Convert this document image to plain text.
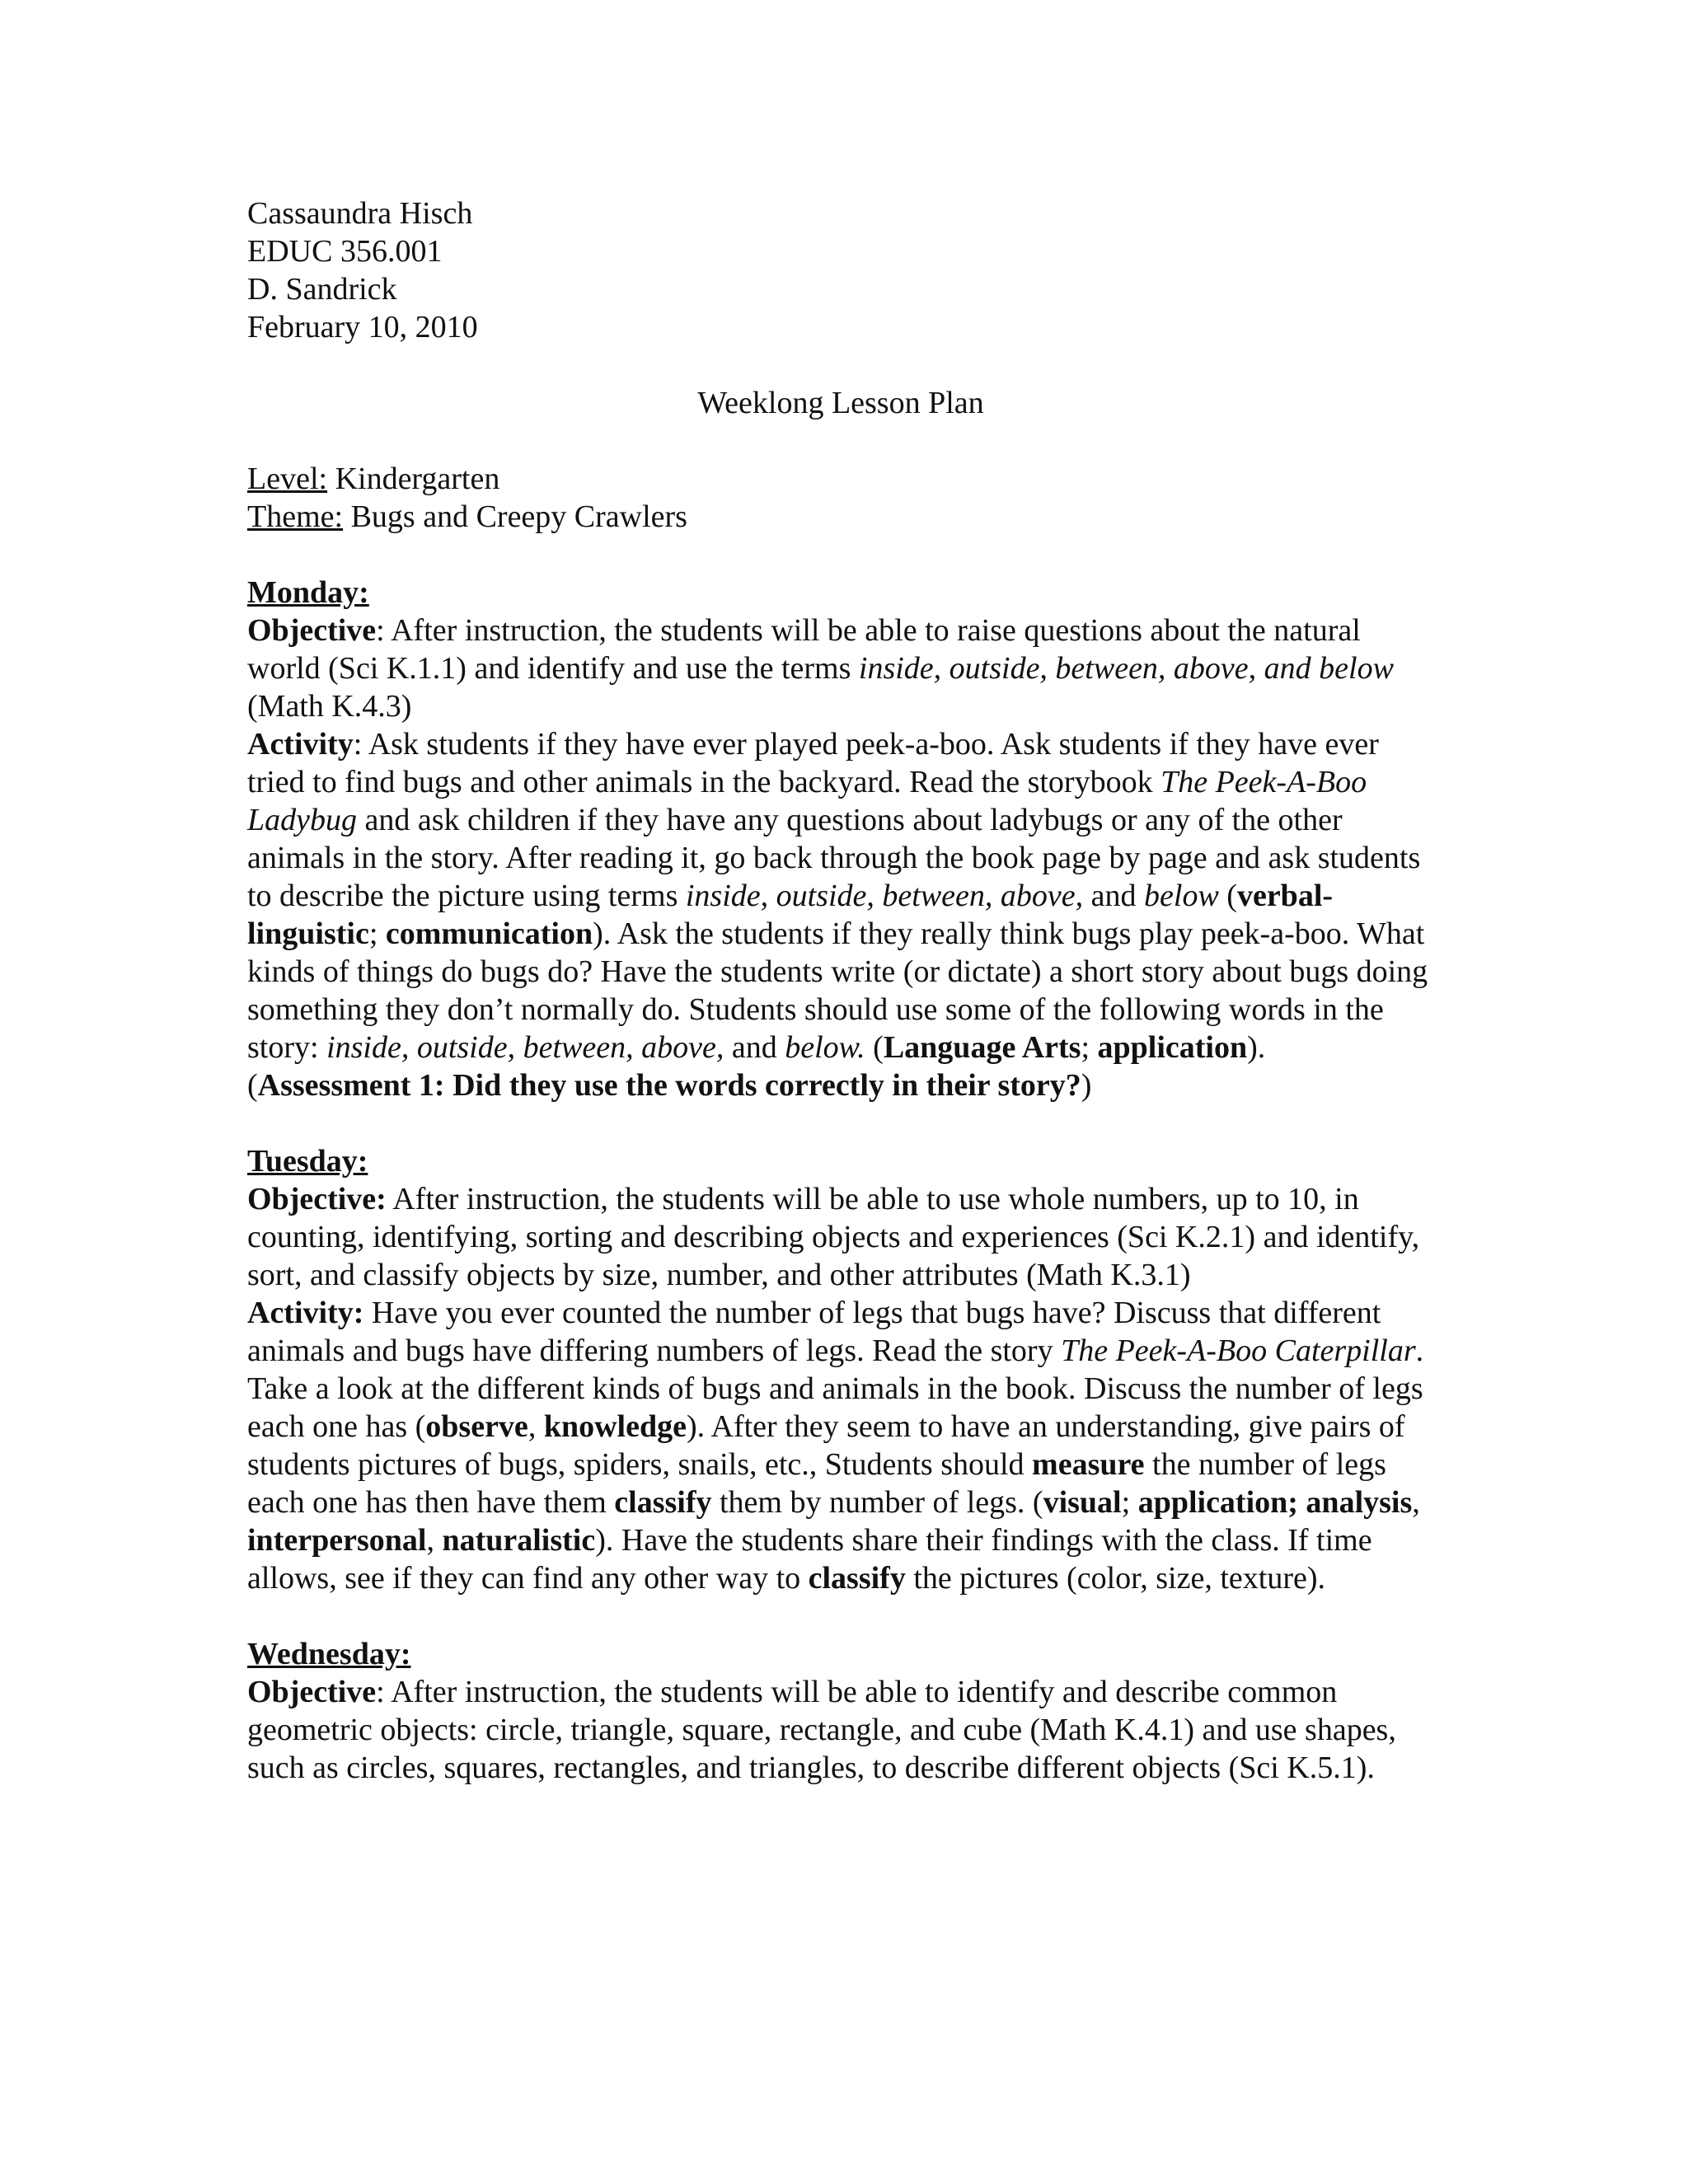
Cassaundra Hisch
EDUC 356.001
D. Sandrick
February 10, 2010
Weeklong Lesson Plan
Level: Kindergarten
Theme: Bugs and Creepy Crawlers
Monday:
Objective: After instruction, the students will be able to raise questions about the natural world (Sci K.1.1) and identify and use the terms inside, outside, between, above, and below (Math K.4.3)
Activity: Ask students if they have ever played peek-a-boo. Ask students if they have ever tried to find bugs and other animals in the backyard. Read the storybook The Peek-A-Boo Ladybug and ask children if they have any questions about ladybugs or any of the other animals in the story. After reading it, go back through the book page by page and ask students to describe the picture using terms inside, outside, between, above, and below (verbal-linguistic; communication). Ask the students if they really think bugs play peek-a-boo. What kinds of things do bugs do? Have the students write (or dictate) a short story about bugs doing something they don’t normally do. Students should use some of the following words in the story: inside, outside, between, above, and below. (Language Arts; application). (Assessment 1: Did they use the words correctly in their story?)
Tuesday:
Objective: After instruction, the students will be able to use whole numbers, up to 10, in counting, identifying, sorting and describing objects and experiences (Sci K.2.1) and identify, sort, and classify objects by size, number, and other attributes (Math K.3.1)
Activity: Have you ever counted the number of legs that bugs have? Discuss that different animals and bugs have differing numbers of legs. Read the story The Peek-A-Boo Caterpillar. Take a look at the different kinds of bugs and animals in the book. Discuss the number of legs each one has (observe, knowledge). After they seem to have an understanding, give pairs of students pictures of bugs, spiders, snails, etc., Students should measure the number of legs each one has then have them classify them by number of legs. (visual; application; analysis, interpersonal, naturalistic). Have the students share their findings with the class. If time allows, see if they can find any other way to classify the pictures (color, size, texture).
Wednesday:
Objective: After instruction, the students will be able to identify and describe common geometric objects: circle, triangle, square, rectangle, and cube (Math K.4.1) and use shapes, such as circles, squares, rectangles, and triangles, to describe different objects (Sci K.5.1).
